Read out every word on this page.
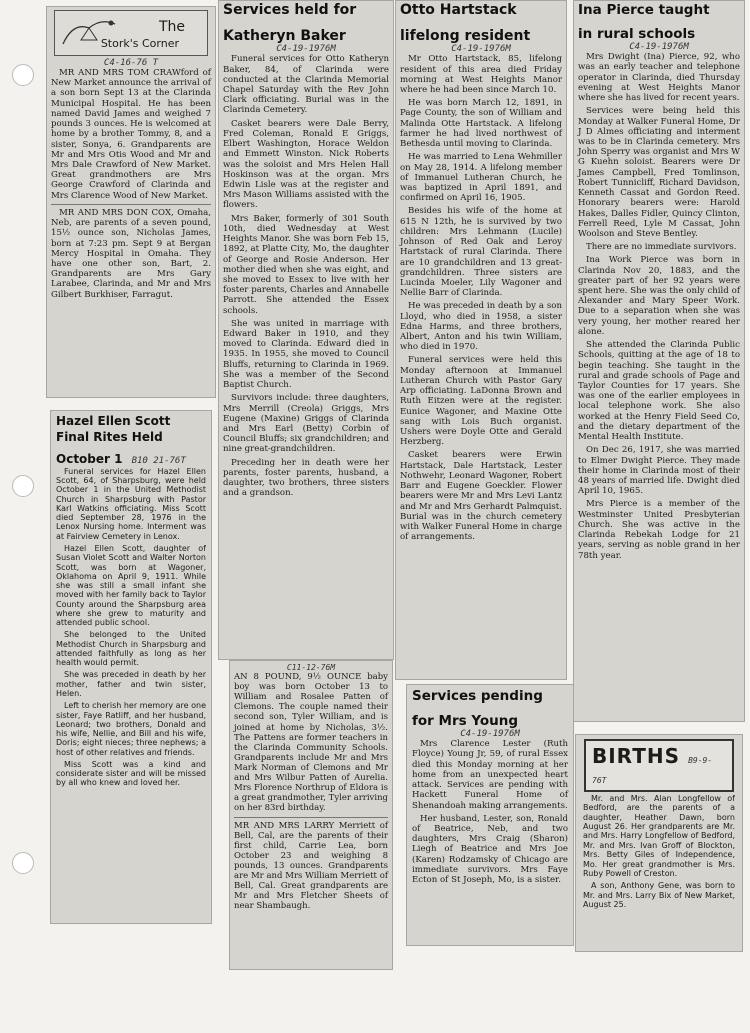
The
Stork's Corner
C4-16-76 T

MR AND MRS TOM CRAWford of New Market announce the arrival of a son born Sept 13 at the Clarinda Municipal Hospital. He has been named David James and weighed 7 pounds 3 ounces. He is welcomed at home by a brother Tommy, 8, and a sister, Sonya, 6. Grandparents are Mr and Mrs Otis Wood and Mr and Mrs Dale Crawford of New Market. Great grandmothers are Mrs George Crawford of Clarinda and Mrs Clarence Wood of New Market.

MR AND MRS DON COX, Omaha, Neb, are parents of a seven pound, 15½ ounce son, Nicholas James, born at 7:23 pm. Sept 9 at Bergan Mercy Hospital in Omaha. They have one other son, Bart, 2. Grandparents are Mrs Gary Larabee, Clarinda, and Mr and Mrs Gilbert Burkhiser, Farragut.

Hazel Ellen Scott
Final Rites Held
October 1 B10 21-76T

Funeral services for Hazel Ellen Scott, 64, of Sharpsburg, were held October 1 in the United Methodist Church in Sharpsburg with Pastor Karl Watkins officiating. Miss Scott died September 28, 1976 in the Lenox Nursing home. Interment was at Fairview Cemetery in Lenox.

Hazel Ellen Scott, daughter of Susan Violet Scott and Walter Norton Scott, was born at Wagoner, Oklahoma on April 9, 1911. While she was still a small infant she moved with her family back to Taylor County around the Sharpsburg area where she grew to maturity and attended public school.

She belonged to the United Methodist Church in Sharpsburg and attended faithfully as long as her health would permit.

She was preceded in death by her mother, father and twin sister, Helen.

Left to cherish her memory are one sister, Faye Ratliff, and her husband, Leonard; two brothers, Donald and his wife, Nellie, and Bill and his wife, Doris; eight nieces; three nephews; a host of other relatives and friends.

Miss Scott was a kind and considerate sister and will be missed by all who knew and loved her.

Services held for
Katheryn Baker
C4-19-1976M

Funeral services for Otto Katheryn Baker, 84, of Clarinda were conducted at the Clarinda Memorial Chapel Saturday with the Rev John Clark officiating. Burial was in the Clarinda Cemetery.

Casket bearers were Dale Berry, Fred Coleman, Ronald E Griggs, Elbert Washington, Horace Weldon and Emmett Winston. Nick Roberts was the soloist and Mrs Helen Hall Hoskinson was at the organ. Mrs Edwin Lisle was at the register and Mrs Mason Williams assisted with the flowers.

Mrs Baker, formerly of 301 South 10th, died Wednesday at West Heights Manor. She was born Feb 15, 1892, at Platte City, Mo, the daughter of George and Rosie Anderson. Her mother died when she was eight, and she moved to Essex to live with her foster parents, Charles and Annabelle Parrott. She attended the Essex schools.

She was united in marriage with Edward Baker in 1910, and they moved to Clarinda. Edward died in 1935. In 1955, she moved to Council Bluffs, returning to Clarinda in 1969. She was a member of the Second Baptist Church.

Survivors include: three daughters, Mrs Merrill (Creola) Griggs, Mrs Eugene (Maxine) Griggs of Clarinda and Mrs Earl (Betty) Corbin of Council Bluffs; six grandchildren; and nine great-grandchildren.

Preceding her in death were her parents, foster parents, husband, a daughter, two brothers, three sisters and a grandson.

Otto Hartstack
lifelong resident
C4-19-1976M

Mr Otto Hartstack, 85, lifelong resident of this area died Friday morning at West Heights Manor where he had been since March 10.

He was born March 12, 1891, in Page County, the son of William and Malinda Otte Hartstack. A lifelong farmer he had lived northwest of Bethesda until moving to Clarinda.

He was married to Lena Wehmiller on May 28, 1914. A lifelong member of Immanuel Lutheran Church, he was baptized in April 1891, and confirmed on April 16, 1905.

Besides his wife of the home at 615 N 12th, he is survived by two children: Mrs Lehmann (Lucile) Johnson of Red Oak and Leroy Hartstack of rural Clarinda. There are 10 grandchildren and 13 great-grandchildren. Three sisters are Lucinda Moeler, Lily Wagoner and Nellie Barr of Clarinda.

He was preceded in death by a son Lloyd, who died in 1958, a sister Edna Harms, and three brothers, Albert, Anton and his twin William, who died in 1970.

Funeral services were held this Monday afternoon at Immanuel Lutheran Church with Pastor Gary Arp officiating. LaDonna Brown and Ruth Eitzen were at the register. Eunice Wagoner, and Maxine Otte sang with Lois Buch organist. Ushers were Doyle Otte and Gerald Herzberg.

Casket bearers were Erwin Hartstack, Dale Hartstack, Lester Nothwehr, Leonard Wagoner, Robert Barr and Eugene Goeckler. Flower bearers were Mr and Mrs Levi Lantz and Mr and Mrs Gerhardt Palmquist. Burial was in the church cemetery with Walker Funeral Home in charge of arrangements.

Ina Pierce taught
in rural schools
C4-19-1976M

Mrs Dwight (Ina) Pierce, 92, who was an early teacher and telephone operator in Clarinda, died Thursday evening at West Heights Manor where she has lived for recent years.

Services were being held this Monday at Walker Funeral Home, Dr J D Almes officiating and interment was to be in Clarinda cemetery. Mrs John Sperry was organist and Mrs W G Kuehn soloist. Bearers were Dr James Campbell, Fred Tomlinson, Robert Tunnicliff, Richard Davidson, Kenneth Cassat and Gordon Reed. Honorary bearers were: Harold Hakes, Dalles Fidler, Quincy Clinton, Ferrell Reed, Lyle M Cassat, John Woolson and Steve Bentley.

There are no immediate survivors.

Ina Work Pierce was born in Clarinda Nov 20, 1883, and the greater part of her 92 years were spent here. She was the only child of Alexander and Mary Speer Work. Due to a separation when she was very young, her mother reared her alone.

She attended the Clarinda Public Schools, quitting at the age of 18 to begin teaching. She taught in the rural and grade schools of Page and Taylor Counties for 17 years. She was one of the earlier employees in local telephone work. She also worked at the Henry Field Seed Co, and the dietary department of the Mental Health Institute.

On Dec 26, 1917, she was married to Elmer Dwight Pierce. They made their home in Clarinda most of their 48 years of married life. Dwight died April 10, 1965.

Mrs Pierce is a member of the Westminster United Presbyterian Church. She was active in the Clarinda Rebekah Lodge for 21 years, serving as noble grand in her 78th year.

C11-12-76M

AN 8 POUND, 9½ OUNCE baby boy was born October 13 to William and Rosalee Patten of Clemons. The couple named their second son, Tyler William, and is joined at home by Nicholas, 3½. The Pattens are former teachers in the Clarinda Community Schools. Grandparents include Mr and Mrs Mark Norman of Clemons and Mr and Mrs Wilbur Patten of Aurelia. Mrs Florence Northrup of Eldora is a great grandmother, Tyler arriving on her 83rd birthday.

MR AND MRS LARRY Merriett of Bell, Cal, are the parents of their first child, Carrie Lea, born October 23 and weighing 8 pounds, 13 ounces. Grandparents are Mr and Mrs William Merriett of Bell, Cal. Great grandparents are Mr and Mrs Fletcher Sheets of near Shambaugh.

Services pending
for Mrs Young
C4-19-1976M

Mrs Clarence Lester (Ruth Floyce) Young Jr, 59, of rural Essex died this Monday morning at her home from an unexpected heart attack. Services are pending with Hackett Funeral Home of Shenandoah making arrangements.

Her husband, Lester, son, Ronald of Beatrice, Neb, and two daughters, Mrs Craig (Sharon) Liegh of Beatrice and Mrs Joe (Karen) Rodzamsky of Chicago are immediate survivors. Mrs Faye Ecton of St Joseph, Mo, is a sister.

BIRTHS B9-9-76T

Mr. and Mrs. Alan Longfellow of Bedford, are the parents of a daughter, Heather Dawn, born August 26. Her grandparents are Mr. and Mrs. Harry Longfellow of Bedford, Mr. and Mrs. Ivan Groff of Blockton, Mrs. Betty Giles of Independence, Mo. Her great grandmother is Mrs. Ruby Powell of Creston.

A son, Anthony Gene, was born to Mr. and Mrs. Larry Bix of New Market, August 25.
